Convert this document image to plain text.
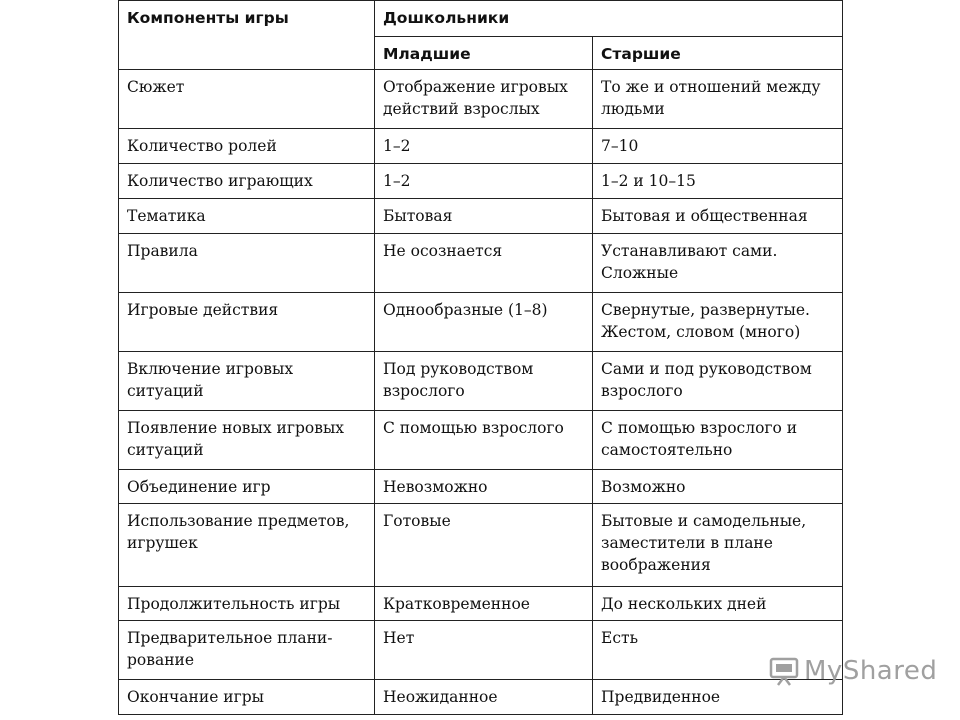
Компоненты игры	Дошкольники	
	Младшие	Старшие
Сюжет	Отображение игровых действий взрослых	То же и отношений между людьми
Количество ролей	1–2	7–10
Количество играющих	1–2	1–2 и 10–15
Тематика	Бытовая	Бытовая и общественная
Правила	Не осознается	Устанавливают сами. Сложные
Игровые действия	Однообразные (1–8)	Свернутые, развернутые. Жестом, словом (много)
Включение игровых ситуаций	Под руководством взрослого	Сами и под руководством взрослого
Появление новых игровых ситуаций	С помощью взрослого	С помощью взрослого и самостоятельно
Объединение игр	Невозможно	Возможно
Использование предметов, игрушек	Готовые	Бытовые и самодельные, заместители в плане воображения
Продолжительность игры	Кратковременное	До нескольких дней
Предварительное плани-рование	Нет	Есть
Окончание игры	Неожиданное	Предвиденное
MyShared
